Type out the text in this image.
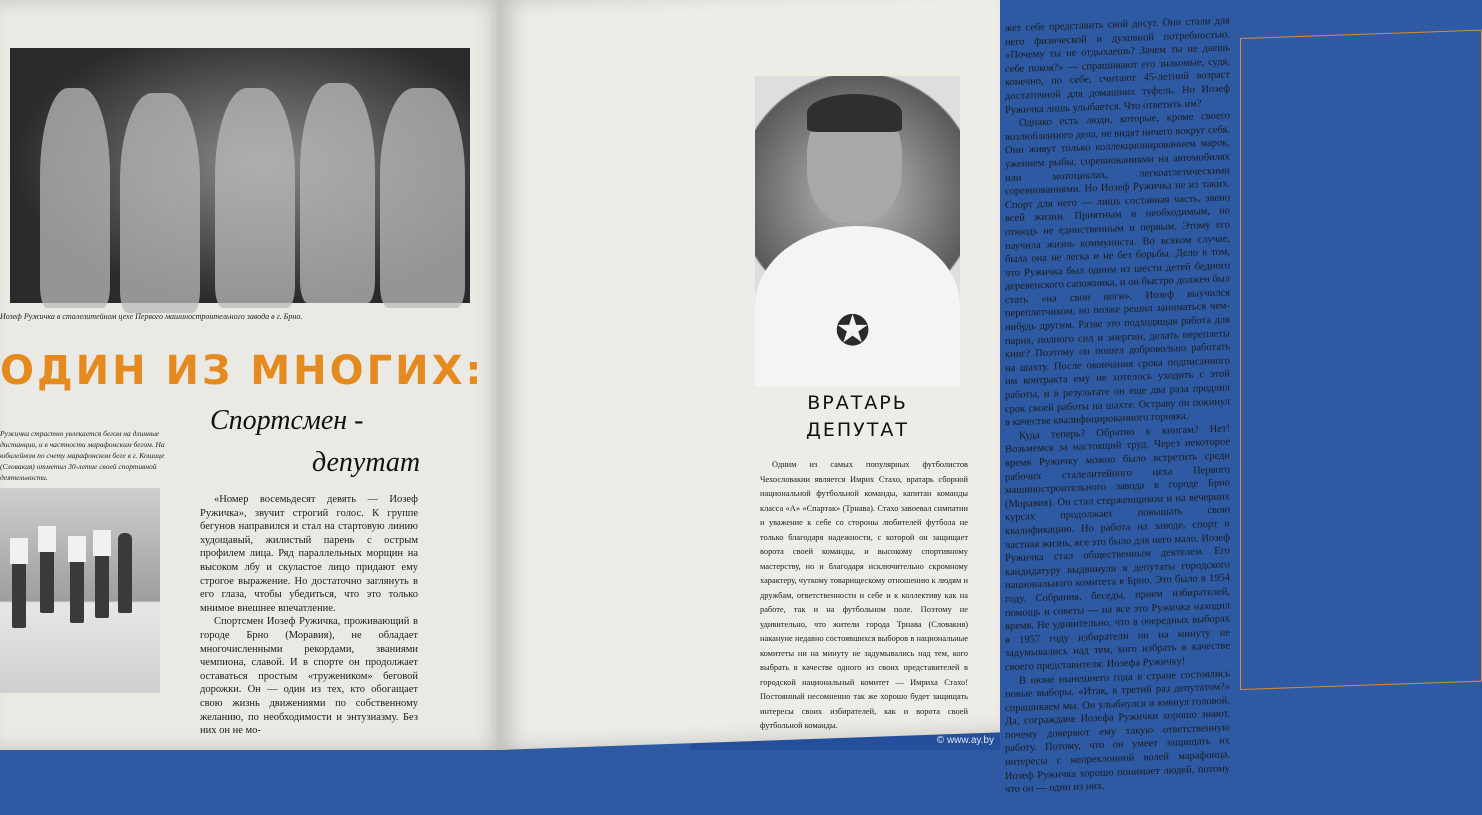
Иозеф Ружичка в сталелитейном цехе Первого машиностроительного завода в г. Брно.
ОДИН ИЗ МНОГИХ:
Спортсмен -
депутат
Ружичка страстно увлекается бегом на длинные дистанции, и в частности марафонским бегом. На юбилейном по счету марафонском беге в г. Кошице (Словакия) отметил 30-летие своей спортивной деятельности.

«Номер восемьдесят девять — Иозеф Ружичка», звучит строгий голос. К группе бегунов направился и стал на стартовую линию худощавый, жилистый парень с острым профилем лица. Ряд параллельных морщин на высоком лбу и скуластое лицо придают ему строгое выражение. Но достаточно заглянуть в его глаза, чтобы убедиться, что это только мнимое внешнее впечатление.

Спортсмен Иозеф Ружичка, проживающий в городе Брно (Моравия), не обладает многочисленными рекордами, званиями чемпиона, славой. И в спорте он продолжает оставаться простым «тружеником» беговой дорожки. Он — один из тех, кто обогащает свою жизнь движениями по собственному желанию, по необходимости и энтузиазму. Без них он не мо-

жет себе представить свой досуг. Они стали для него физической и духовной потребностью. «Почему ты не отдыхаешь? Зачем ты не даешь себе покоя?» — спрашивают его знакомые, судя, конечно, по себе, считают 45-летний возраст достаточной для домашних туфель. Но Иозеф Ружичка лишь улыбается. Что ответить им?

Однако есть люди, которые, кроме своего возлюбленного дела, не видят ничего вокруг себя. Они живут только коллекционированием марок, ужением рыбы, соревнованиями на автомобилях или мотоциклах, легкоатлетическими соревнованиями. Но Иозеф Ружичка не из таких. Спорт для него — лишь составная часть, звено всей жизни. Приятным и необходимым, но отнюдь не единственным и первым. Этому его научила жизнь коммуниста. Во всяком случае, была она не легка и не без борьбы. Дело в том, что Ружичка был одним из шести детей бедного деревенского сапожника, и он быстро должен был стать «на свои ноги». Иозеф выучился переплетчиком, но позже решил заниматься чем-нибудь другим. Разве это подходящая работа для парня, полного сил и энергии, делать переплеты книг? Поэтому он пошел добровольно работать на шахту. После окончания срока подписанного им контракта ему не хотелось уходить с этой работы, и в результате он еще два раза продлил срок своей работы на шахте. Остраву он покинул в качестве квалифицированного горняка.

Куда теперь? Обратно к книгам? Нет! Возьмемся за настоящий труд. Через некоторое время Ружичку можно было встретить среди рабочих сталелитейного цеха Первого машиностроительного завода в городе Брно (Моравия). Он стал стерженщиком и на вечерних курсах продолжает повышать свою квалификацию. Но работа на заводе, спорт и частная жизнь, все это было для него мало. Иозеф Ружичка стал общественным деятелем. Его кандидатуру выдвинули в депутаты городского национального комитета в Брно. Это было в 1954 году. Собрания, беседы, прием избирателей, помощь и советы — на все это Ружичка находил время. Не удивительно, что в очередных выборах в 1957 году избиратели ни на минуту не задумывались над тем, кого избрать в качестве своего представителя: Иозефа Ружичку!

В июне нынешнего года в стране состоялись новые выборы. «Итак, в третий раз депутатом?» спрашиваем мы. Он улыбнулся и кивнул головой. Да, сограждане Иозефа Ружички хорошо знают, почему доверяют ему такую ответственную работу. Потому, что он умеет защищать их интересы с непреклонной волей марафонца. Иозеф Ружичка хорошо понимает людей, потому что он — один из них.

✪
ВРАТАРЬ
ДЕПУТАТ

Одним из самых популярных футболистов Чехословакии является Имрих Стахо, вратарь сборной национальной футбольной команды, капитан команды класса «А» «Спартак» (Трнава). Стахо завоевал симпатии и уважение к себе со стороны любителей футбола не только благодаря надежности, с которой он защищает ворота своей команды, и высокому спортивному мастерству, но и благодаря исключительно скромному характеру, чуткому товарищескому отношению к людям и дружбам, ответственности и себе и к коллективу как на работе, так и на футбольном поле. Поэтому не удивительно, что жители города Трнава (Словакия) накануне недавно состоявшихся выборов в национальные комитеты ни на минуту не задумывались над тем, кого выбрать в качестве одного из своих представителей в городской национальный комитет — Имриха Стахо! Постоянный несомненно так же хорошо будет защищать интересы своих избирателей, как и ворота своей футбольной команды.

© www.ay.by
